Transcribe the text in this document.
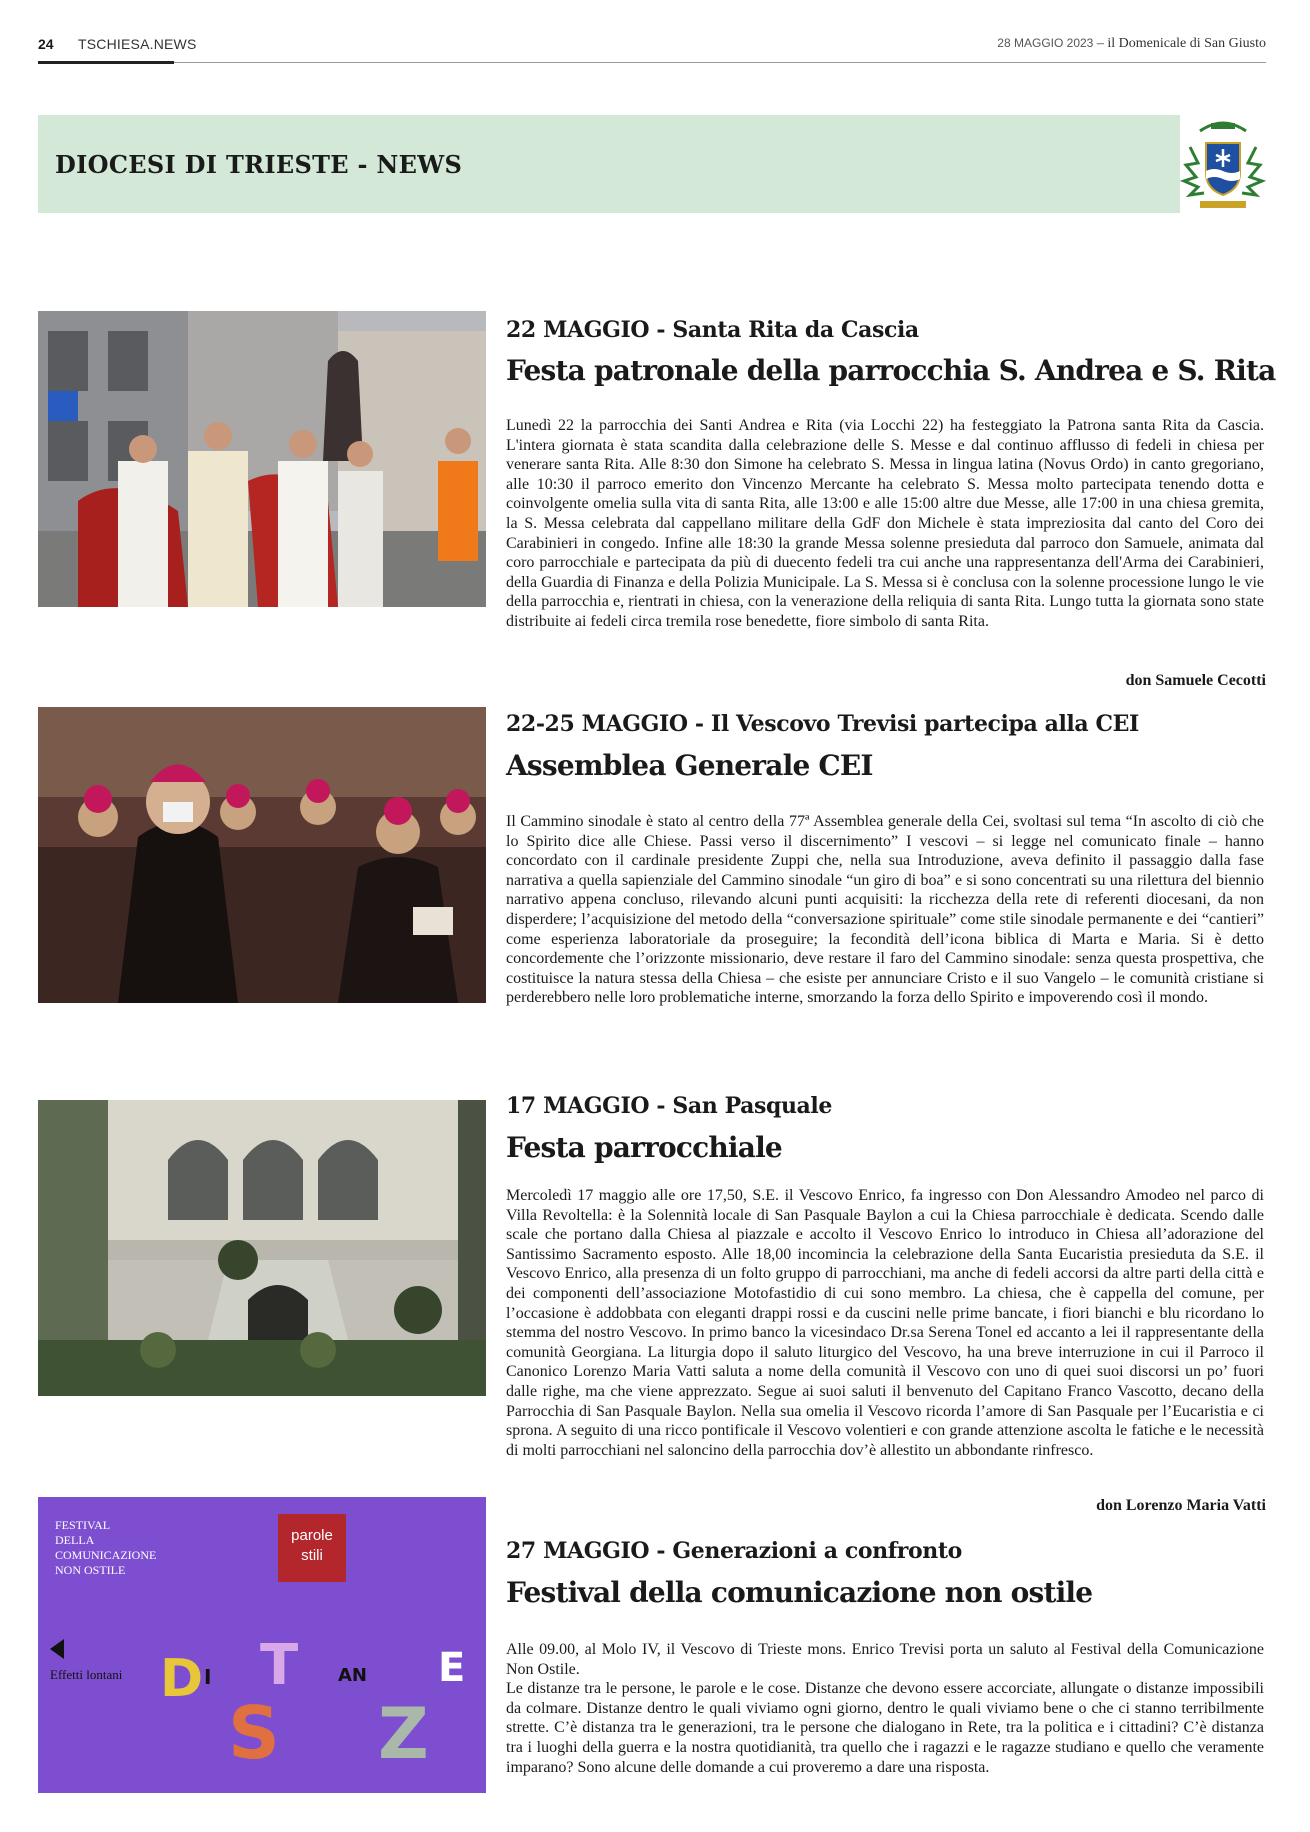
24 TSCHIESA.NEWS	28 MAGGIO 2023 – il Domenicale di San Giusto
DIOCESI DI TRIESTE - NEWS
22 MAGGIO - Santa Rita da Cascia
Festa patronale della parrocchia S. Andrea e S. Rita
Lunedì 22 la parrocchia dei Santi Andrea e Rita (via Locchi 22) ha festeggiato la Patrona santa Rita da Cascia. L'intera giornata è stata scandita dalla celebrazione delle S. Messe e dal continuo afflusso di fedeli in chiesa per venerare santa Rita. Alle 8:30 don Simone ha celebrato S. Messa in lingua latina (Novus Ordo) in canto gregoriano, alle 10:30 il parroco emerito don Vincenzo Mercante ha celebrato S. Messa molto partecipata tenendo dotta e coinvolgente omelia sulla vita di santa Rita, alle 13:00 e alle 15:00 altre due Messe, alle 17:00 in una chiesa gremita, la S. Messa celebrata dal cappellano militare della GdF don Michele è stata impreziosita dal canto del Coro dei Carabinieri in congedo. Infine alle 18:30 la grande Messa solenne presieduta dal parroco don Samuele, animata dal coro parrocchiale e partecipata da più di duecento fedeli tra cui anche una rappresentanza dell'Arma dei Carabinieri, della Guardia di Finanza e della Polizia Municipale. La S. Messa si è conclusa con la solenne processione lungo le vie della parrocchia e, rientrati in chiesa, con la venerazione della reliquia di santa Rita. Lungo tutta la giornata sono state distribuite ai fedeli circa tremila rose benedette, fiore simbolo di santa Rita.
don Samuele Cecotti
22-25 MAGGIO - Il Vescovo Trevisi partecipa alla CEI
Assemblea Generale CEI
Il Cammino sinodale è stato al centro della 77ª Assemblea generale della Cei, svoltasi sul tema “In ascolto di ciò che lo Spirito dice alle Chiese. Passi verso il discernimento” I vescovi – si legge nel comunicato finale – hanno concordato con il cardinale presidente Zuppi che, nella sua Introduzione, aveva definito il passaggio dalla fase narrativa a quella sapienziale del Cammino sinodale “un giro di boa” e si sono concentrati su una rilettura del biennio narrativo appena concluso, rilevando alcuni punti acquisiti: la ricchezza della rete di referenti diocesani, da non disperdere; l’acquisizione del metodo della “conversazione spirituale” come stile sinodale permanente e dei “cantieri” come esperienza laboratoriale da proseguire; la fecondità dell’icona biblica di Marta e Maria. Si è detto concordemente che l’orizzonte missionario, deve restare il faro del Cammino sinodale: senza questa prospettiva, che costituisce la natura stessa della Chiesa – che esiste per annunciare Cristo e il suo Vangelo – le comunità cristiane si perderebbero nelle loro problematiche interne, smorzando la forza dello Spirito e impoverendo così il mondo.
17 MAGGIO - San Pasquale
Festa parrocchiale
Mercoledì 17 maggio alle ore 17,50, S.E. il Vescovo Enrico, fa ingresso con Don Alessandro Amodeo nel parco di Villa Revoltella: è la Solennità locale di San Pasquale Baylon a cui la Chiesa parrocchiale è dedicata. Scendo dalle scale che portano dalla Chiesa al piazzale e accolto il Vescovo Enrico lo introduco in Chiesa all’adorazione del Santissimo Sacramento esposto. Alle 18,00 incomincia la celebrazione della Santa Eucaristia presieduta da S.E. il Vescovo Enrico, alla presenza di un folto gruppo di parrocchiani, ma anche di fedeli accorsi da altre parti della città e dei componenti dell’associazione Motofastidio di cui sono membro. La chiesa, che è cappella del comune, per l’occasione è addobbata con eleganti drappi rossi e da cuscini nelle prime bancate, i fiori bianchi e blu ricordano lo stemma del nostro Vescovo. In primo banco la vicesindaco Dr.sa Serena Tonel ed accanto a lei il rappresentante della comunità Georgiana. La liturgia dopo il saluto liturgico del Vescovo, ha una breve interruzione in cui il Parroco il Canonico Lorenzo Maria Vatti saluta a nome della comunità il Vescovo con uno di quei suoi discorsi un po’ fuori dalle righe, ma che viene apprezzato. Segue ai suoi saluti il benvenuto del Capitano Franco Vascotto, decano della Parrocchia di San Pasquale Baylon. Nella sua omelia il Vescovo ricorda l’amore di San Pasquale per l’Eucaristia e ci sprona. A seguito di una ricco pontificale il Vescovo volentieri e con grande attenzione ascolta le fatiche e le necessità di molti parrocchiani nel saloncino della parrocchia dov’è allestito un abbondante rinfresco.
don Lorenzo Maria Vatti
FESTIVAL
DELLA
COMUNICAZIONE
NON OSTILE
parole
stili
Effetti lontani D I
S
T AN
Z
E
27 MAGGIO - Generazioni a confronto
Festival della comunicazione non ostile
Alle 09.00, al Molo IV, il Vescovo di Trieste mons. Enrico Trevisi porta un saluto al Festival della Comunicazione Non Ostile.
Le distanze tra le persone, le parole e le cose. Distanze che devono essere accorciate, allungate o distanze impossibili da colmare. Distanze dentro le quali viviamo ogni giorno, dentro le quali viviamo bene o che ci stanno terribilmente strette. C’è distanza tra le generazioni, tra le persone che dialogano in Rete, tra la politica e i cittadini? C’è distanza tra i luoghi della guerra e la nostra quotidianità, tra quello che i ragazzi e le ragazze studiano e quello che veramente imparano? Sono alcune delle domande a cui proveremo a dare una risposta.
